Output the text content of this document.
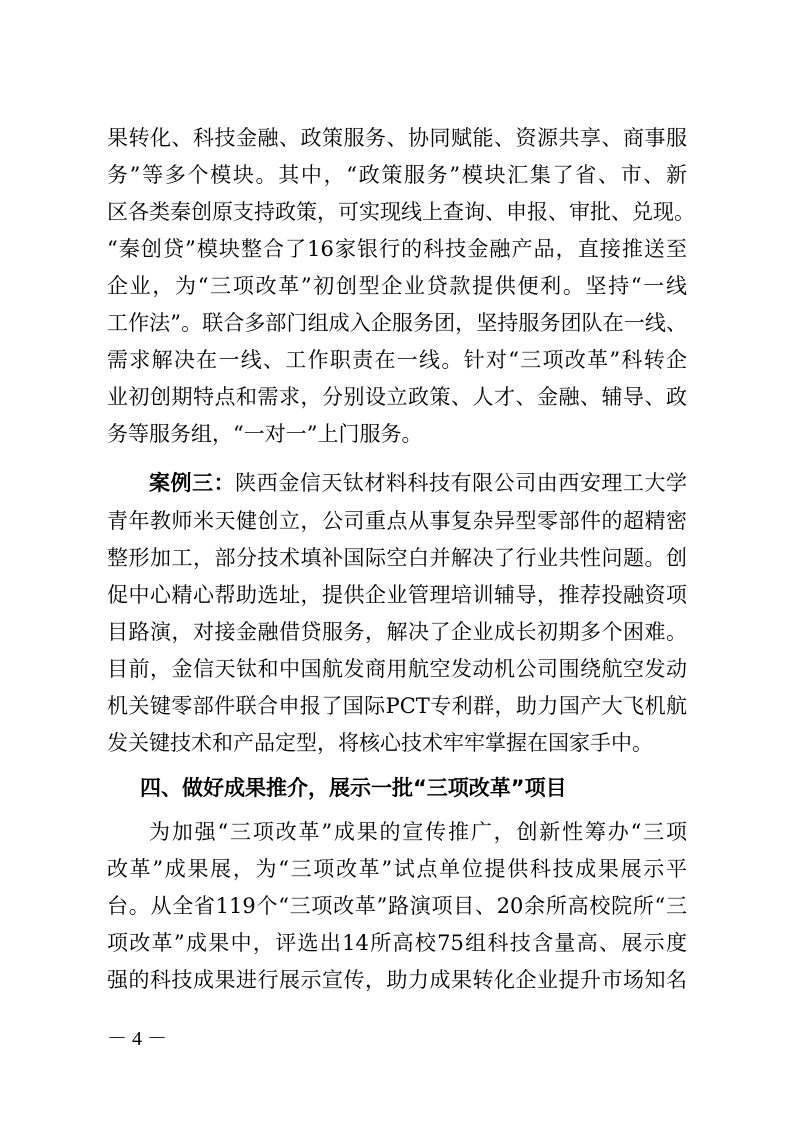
果转化、科技金融、政策服务、协同赋能、资源共享、商事服
务”等多个模块。其中，“政策服务”模块汇集了省、市、新
区各类秦创原支持政策，可实现线上查询、申报、审批、兑现。
“秦创贷”模块整合了16家银行的科技金融产品，直接推送至
企业，为“三项改革”初创型企业贷款提供便利。坚持“一线
工作法”。联合多部门组成入企服务团，坚持服务团队在一线、
需求解决在一线、工作职责在一线。针对“三项改革”科转企
业初创期特点和需求，分别设立政策、人才、金融、辅导、政
务等服务组，“一对一”上门服务。
案例三：陕西金信天钛材料科技有限公司由西安理工大学
青年教师米天健创立，公司重点从事复杂异型零部件的超精密
整形加工，部分技术填补国际空白并解决了行业共性问题。创
促中心精心帮助选址，提供企业管理培训辅导，推荐投融资项
目路演，对接金融借贷服务，解决了企业成长初期多个困难。
目前，金信天钛和中国航发商用航空发动机公司围绕航空发动
机关键零部件联合申报了国际PCT专利群，助力国产大飞机航
发关键技术和产品定型，将核心技术牢牢掌握在国家手中。
四、做好成果推介，展示一批“三项改革”项目
为加强“三项改革”成果的宣传推广，创新性筹办“三项
改革”成果展，为“三项改革”试点单位提供科技成果展示平
台。从全省119个“三项改革”路演项目、20余所高校院所“三
项改革”成果中，评选出14所高校75组科技含量高、展示度
强的科技成果进行展示宣传，助力成果转化企业提升市场知名
－ 4 －
